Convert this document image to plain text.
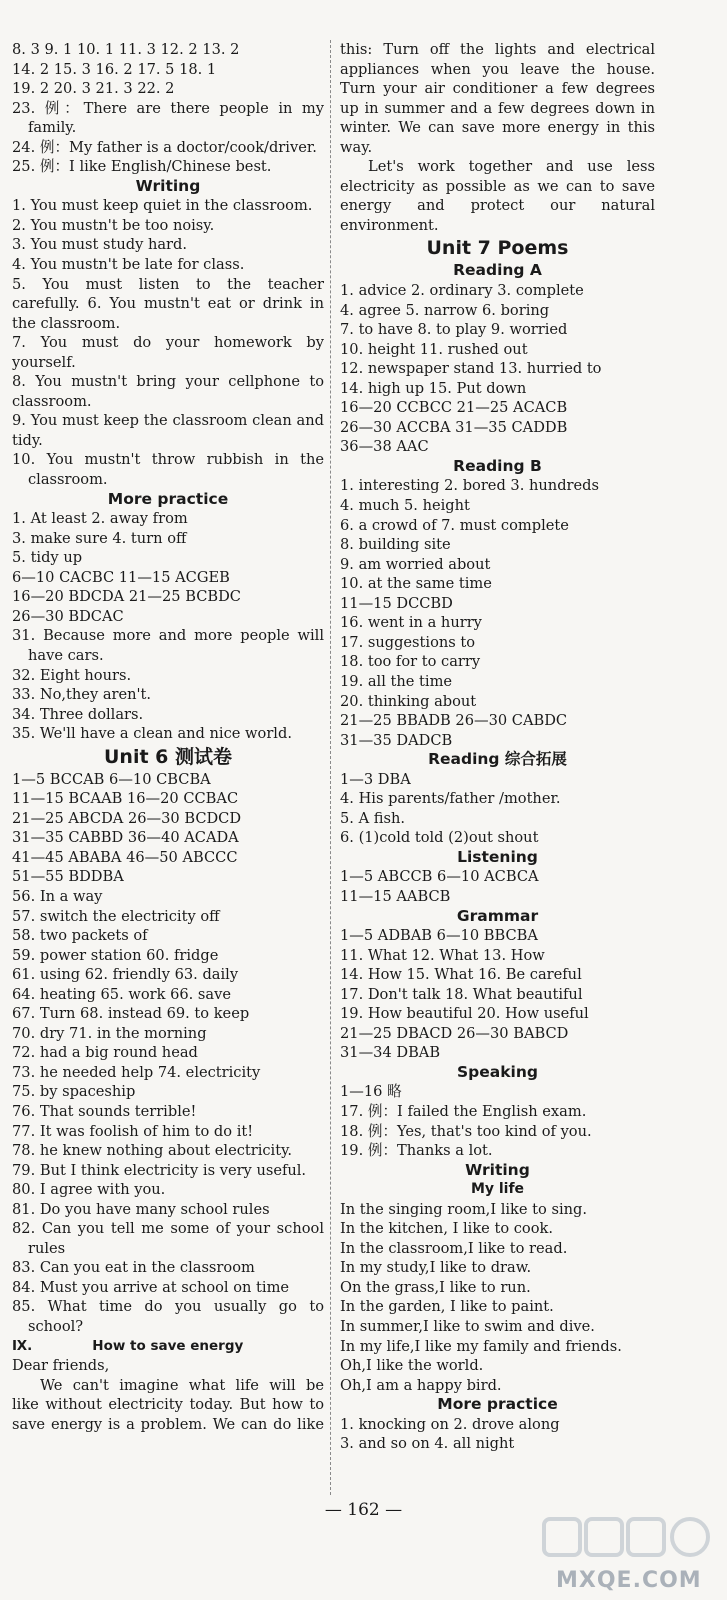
8. 3 9. 1 10. 1 11. 3 12. 2 13. 2
14. 2 15. 3 16. 2 17. 5 18. 1
19. 2 20. 3 21. 3 22. 2
23. 例：There are there people in my
family.
24. 例：My father is a doctor/cook/driver.
25. 例：I like English/Chinese best.
Writing
1. You must keep quiet in the classroom.
2. You mustn't be too noisy.
3. You must study hard.
4. You mustn't be late for class.
5. You must listen to the teacher
carefully. 6. You mustn't eat or drink in
the classroom.
7. You must do your homework by
yourself.
8. You mustn't bring your cellphone to
classroom.
9. You must keep the classroom clean and
tidy.
10. You mustn't throw rubbish in the
classroom.
More practice
1. At least 2. away from
3. make sure 4. turn off
5. tidy up
6—10 CACBC 11—15 ACGEB
16—20 BDCDA 21—25 BCBDC
26—30 BDCAC
31. Because more and more people will
have cars.
32. Eight hours.
33. No,they aren't.
34. Three dollars.
35. We'll have a clean and nice world.
Unit 6 测试卷
1—5 BCCAB 6—10 CBCBA
11—15 BCAAB 16—20 CCBAC
21—25 ABCDA 26—30 BCDCD
31—35 CABBD 36—40 ACADA
41—45 ABABA 46—50 ABCCC
51—55 BDDBA
56. In a way
57. switch the electricity off
58. two packets of
59. power station 60. fridge
61. using 62. friendly 63. daily
64. heating 65. work 66. save
67. Turn 68. instead 69. to keep
70. dry 71. in the morning
72. had a big round head
73. he needed help 74. electricity
75. by spaceship
76. That sounds terrible!
77. It was foolish of him to do it!
78. he knew nothing about electricity.
79. But I think electricity is very useful.
80. I agree with you.
81. Do you have many school rules
82. Can you tell me some of your school
rules
83. Can you eat in the classroom
84. Must you arrive at school on time
85. What time do you usually go to
school?
Ⅸ.	How to save energy
Dear friends,
We can't imagine what life will be
like without electricity today. But how to
save energy is a problem. We can do like
this: Turn off the lights and electrical
appliances when you leave the house.
Turn your air conditioner a few degrees
up in summer and a few degrees down in
winter. We can save more energy in this
way.
Let's work together and use less
electricity as possible as we can to save
energy and protect our natural
environment.
Unit 7 Poems
Reading A
1. advice 2. ordinary 3. complete
4. agree 5. narrow 6. boring
7. to have 8. to play 9. worried
10. height 11. rushed out
12. newspaper stand 13. hurried to
14. high up 15. Put down
16—20 CCBCC 21—25 ACACB
26—30 ACCBA 31—35 CADDB
36—38 AAC
Reading B
1. interesting 2. bored 3. hundreds
4. much 5. height
6. a crowd of 7. must complete
8. building site
9. am worried about
10. at the same time
11—15 DCCBD
16. went in a hurry
17. suggestions to
18. too for to carry
19. all the time
20. thinking about
21—25 BBADB 26—30 CABDC
31—35 DADCB
Reading 综合拓展
1—3 DBA
4. His parents/father /mother.
5. A fish.
6. (1)cold told (2)out shout
Listening
1—5 ABCCB 6—10 ACBCA
11—15 AABCB
Grammar
1—5 ADBAB 6—10 BBCBA
11. What 12. What 13. How
14. How 15. What 16. Be careful
17. Don't talk 18. What beautiful
19. How beautiful 20. How useful
21—25 DBACD 26—30 BABCD
31—34 DBAB
Speaking
1—16 略
17. 例：I failed the English exam.
18. 例：Yes, that's too kind of you.
19. 例：Thanks a lot.
Writing
My life
In the singing room,I like to sing.
In the kitchen, I like to cook.
In the classroom,I like to read.
In my study,I like to draw.
On the grass,I like to run.
In the garden, I like to paint.
In summer,I like to swim and dive.
In my life,I like my family and friends.
Oh,I like the world.
Oh,I am a happy bird.
More practice
1. knocking on 2. drove along
3. and so on 4. all night
— 162 —
MXQE.COM
